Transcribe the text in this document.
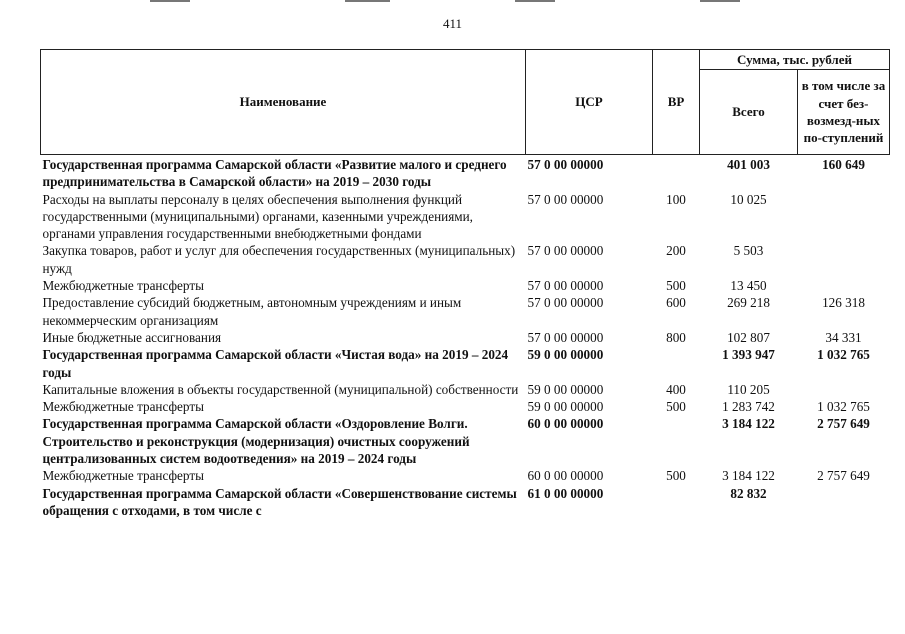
411
Наименование	ЦСР	ВР	Сумма, тыс. рублей	
			Всего	в том числе за счет без-возмезд-ных по-ступлений
Государственная программа Самарской области «Развитие малого и среднего предпринимательства в Самарской области» на 2019 – 2030 годы	57 0 00 00000		401 003	160 649
Расходы на выплаты персоналу в целях обеспечения выполнения функций государственными (муниципальными) органами, казенными учреждениями, органами управления государственными внебюджетными фондами	57 0 00 00000	100	10 025	
Закупка товаров, работ и услуг для обеспечения государственных (муниципальных) нужд	57 0 00 00000	200	5 503	
Межбюджетные трансферты	57 0 00 00000	500	13 450	
Предоставление субсидий бюджетным, автономным учреждениям и иным некоммерческим организациям	57 0 00 00000	600	269 218	126 318
Иные бюджетные ассигнования	57 0 00 00000	800	102 807	34 331
Государственная программа Самарской области «Чистая вода» на 2019 – 2024 годы	59 0 00 00000		1 393 947	1 032 765
Капитальные вложения в объекты государственной (муниципальной) собственности	59 0 00 00000	400	110 205	
Межбюджетные трансферты	59 0 00 00000	500	1 283 742	1 032 765
Государственная программа Самарской области «Оздоровление Волги. Строительство и реконструкция (модернизация) очистных сооружений централизованных систем водоотведения» на 2019 – 2024 годы	60 0 00 00000		3 184 122	2 757 649
Межбюджетные трансферты	60 0 00 00000	500	3 184 122	2 757 649
Государственная программа Самарской области «Совершенствование системы обращения с отходами, в том числе с	61 0 00 00000		82 832	
